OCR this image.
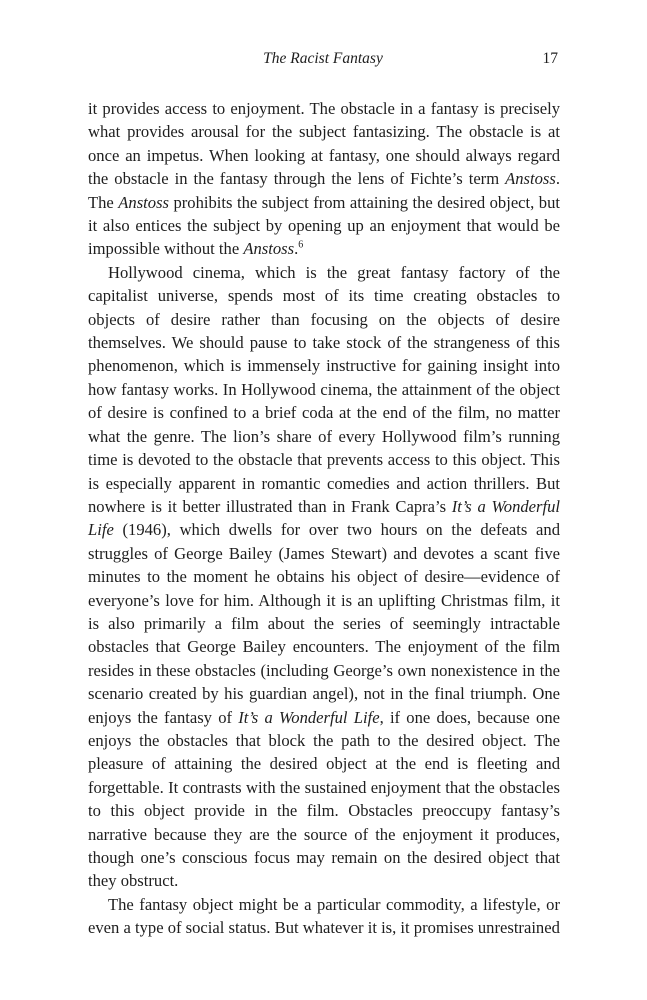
The Racist Fantasy	17

it provides access to enjoyment. The obstacle in a fantasy is precisely what provides arousal for the subject fantasizing. The obstacle is at once an impetus. When looking at fantasy, one should always regard the obstacle in the fantasy through the lens of Fichte’s term Anstoss. The Anstoss prohibits the subject from attaining the desired object, but it also entices the subject by opening up an enjoyment that would be impossible without the Anstoss.$^6$

Hollywood cinema, which is the great fantasy factory of the capitalist universe, spends most of its time creating obstacles to objects of desire rather than focusing on the objects of desire themselves. We should pause to take stock of the strangeness of this phenomenon, which is immensely instructive for gaining insight into how fantasy works. In Hollywood cinema, the attainment of the object of desire is confined to a brief coda at the end of the film, no matter what the genre. The lion’s share of every Hollywood film’s running time is devoted to the obstacle that prevents access to this object. This is especially apparent in romantic comedies and action thrillers. But nowhere is it better illustrated than in Frank Capra’s It’s a Wonderful Life (1946), which dwells for over two hours on the defeats and struggles of George Bailey (James Stewart) and devotes a scant five minutes to the moment he obtains his object of desire—evidence of everyone’s love for him. Although it is an uplifting Christmas film, it is also primarily a film about the series of seemingly intractable obstacles that George Bailey encounters. The enjoyment of the film resides in these obstacles (including George’s own nonexistence in the scenario created by his guardian angel), not in the final triumph. One enjoys the fantasy of It’s a Wonderful Life, if one does, because one enjoys the obstacles that block the path to the desired object. The pleasure of attaining the desired object at the end is fleeting and forgettable. It contrasts with the sustained enjoyment that the obstacles to this object provide in the film. Obstacles preoccupy fantasy’s narrative because they are the source of the enjoyment it produces, though one’s conscious focus may remain on the desired object that they obstruct.

The fantasy object might be a particular commodity, a lifestyle, or even a type of social status. But whatever it is, it promises unrestrained
